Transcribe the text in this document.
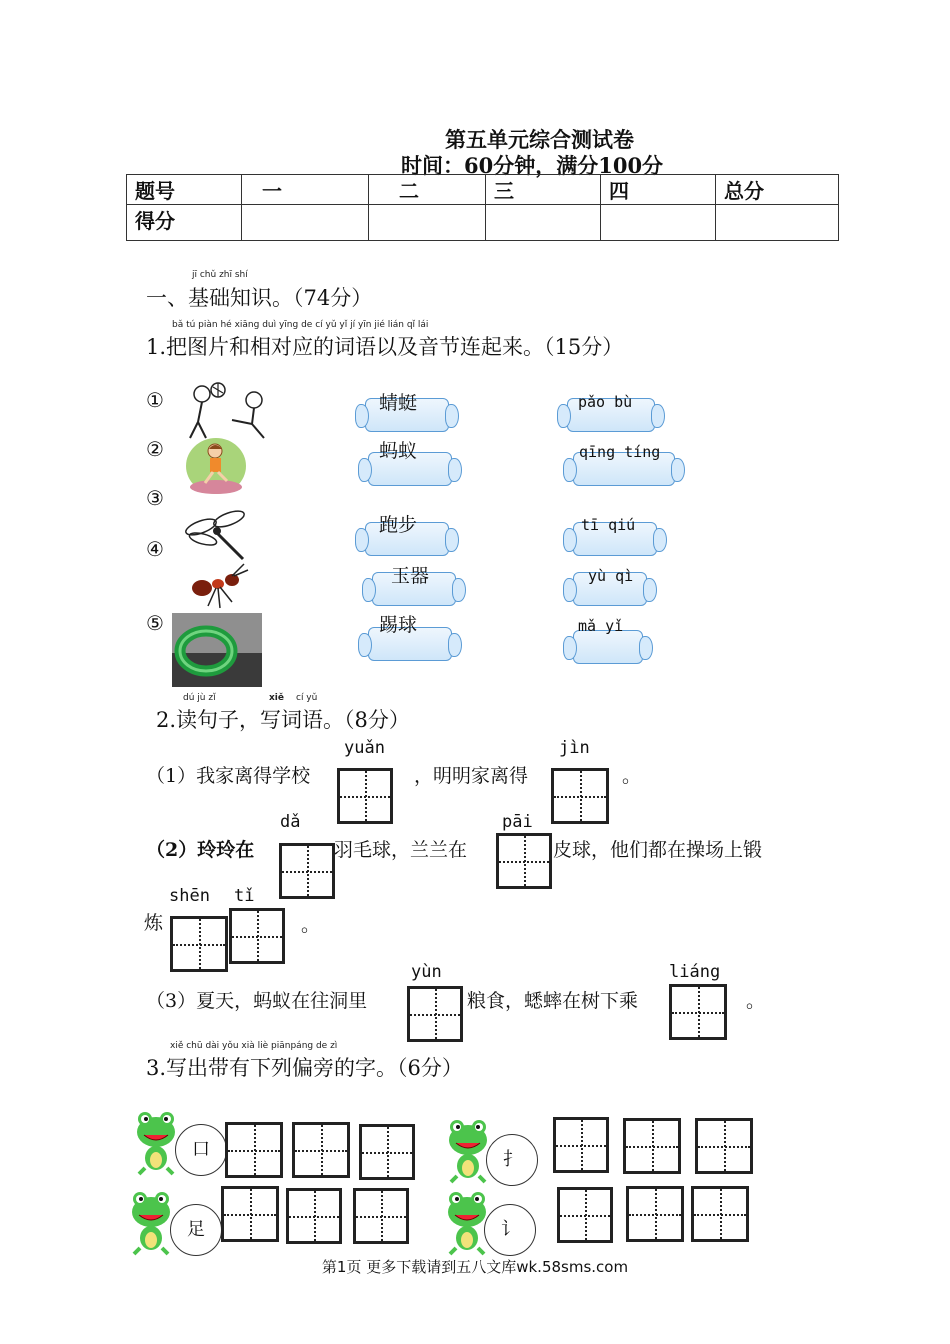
第五单元综合测试卷
时间：60分钟，满分100分
题号	一	二	三	四	总分
得分					
jī chǔ zhī shí
一、基础知识。（74分）
bǎ tú piàn hé xiāng duì yīng de cí yǔ yǐ jí yīn jié lián qǐ lái
1.把图片和相对应的词语以及音节连起来。（15分）
①
②
③
④
⑤
蜻蜓
蚂蚁
跑步
玉器
踢球
pǎo bù
qīng tíng
tī qiú
yù qì
mǎ yǐ
dú jù zǐ	xiě cí yǔ
2.读句子，写词语。（8分）
（1）我家离得学校
yuǎn
，明明家离得
jìn
。
（2）玲玲在
dǎ
羽毛球，兰兰在
pāi
皮球，他们都在操场上锻
炼
shēn tǐ
。
（3）夏天，蚂蚁在往洞里
yùn
粮食，蟋蟀在树下乘
liáng
。
xiě chū dài yǒu xià liè piānpáng de zì
3.写出带有下列偏旁的字。（6分）
口	扌
足	讠
第1页 更多下载请到五八文库wk.58sms.com
